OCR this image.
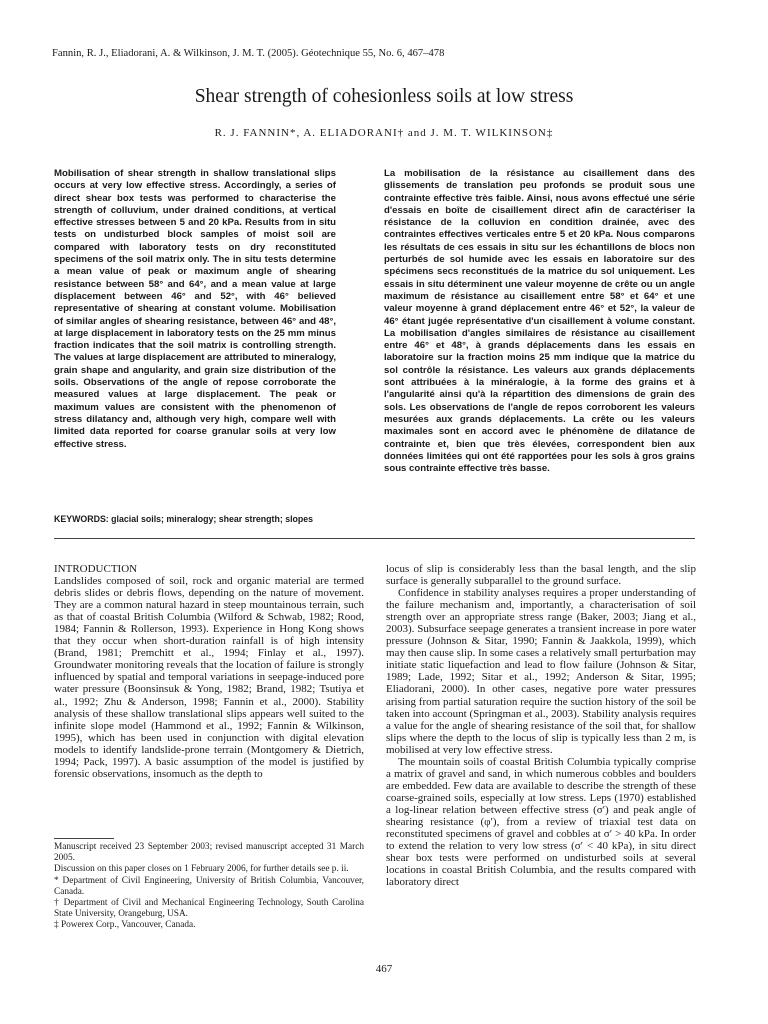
Fannin, R. J., Eliadorani, A. & Wilkinson, J. M. T. (2005). Géotechnique 55, No. 6, 467–478
Shear strength of cohesionless soils at low stress
R. J. FANNIN*, A. ELIADORANI† and J. M. T. WILKINSON‡
Mobilisation of shear strength in shallow translational slips occurs at very low effective stress. Accordingly, a series of direct shear box tests was performed to characterise the strength of colluvium, under drained conditions, at vertical effective stresses between 5 and 20 kPa. Results from in situ tests on undisturbed block samples of moist soil are compared with laboratory tests on dry reconstituted specimens of the soil matrix only. The in situ tests determine a mean value of peak or maximum angle of shearing resistance between 58° and 64°, and a mean value at large displacement between 46° and 52°, with 46° believed representative of shearing at constant volume. Mobilisation of similar angles of shearing resistance, between 46° and 48°, at large displacement in laboratory tests on the 25 mm minus fraction indicates that the soil matrix is controlling strength. The values at large displacement are attributed to mineralogy, grain shape and angularity, and grain size distribution of the soils. Observations of the angle of repose corroborate the measured values at large displacement. The peak or maximum values are consistent with the phenomenon of stress dilatancy and, although very high, compare well with limited data reported for coarse granular soils at very low effective stress.
La mobilisation de la résistance au cisaillement dans des glissements de translation peu profonds se produit sous une contrainte effective très faible. Ainsi, nous avons effectué une série d'essais en boîte de cisaillement direct afin de caractériser la résistance de la colluvion en condition drainée, avec des contraintes effectives verticales entre 5 et 20 kPa. Nous comparons les résultats de ces essais in situ sur les échantillons de blocs non perturbés de sol humide avec les essais en laboratoire sur des spécimens secs reconstitués de la matrice du sol uniquement. Les essais in situ déterminent une valeur moyenne de crête ou un angle maximum de résistance au cisaillement entre 58° et 64° et une valeur moyenne à grand déplacement entre 46° et 52°, la valeur de 46° étant jugée représentative d'un cisaillement à volume constant. La mobilisation d'angles similaires de résistance au cisaillement entre 46° et 48°, à grands déplacements dans les essais en laboratoire sur la fraction moins 25 mm indique que la matrice du sol contrôle la résistance. Les valeurs aux grands déplacements sont attribuées à la minéralogie, à la forme des grains et à l'angularité ainsi qu'à la répartition des dimensions de grain des sols. Les observations de l'angle de repos corroborent les valeurs mesurées aux grands déplacements. La crête ou les valeurs maximales sont en accord avec le phénomène de dilatance de contrainte et, bien que très élevées, correspondent bien aux données limitées qui ont été rapportées pour les sols à gros grains sous contrainte effective très basse.
KEYWORDS: glacial soils; mineralogy; shear strength; slopes
INTRODUCTION

Landslides composed of soil, rock and organic material are termed debris slides or debris flows, depending on the nature of movement. They are a common natural hazard in steep mountainous terrain, such as that of coastal British Columbia (Wilford & Schwab, 1982; Rood, 1984; Fannin & Rollerson, 1993). Experience in Hong Kong shows that they occur when short-duration rainfall is of high intensity (Brand, 1981; Premchitt et al., 1994; Finlay et al., 1997). Groundwater monitoring reveals that the location of failure is strongly influenced by spatial and temporal variations in seepage-induced pore water pressure (Boonsinsuk & Yong, 1982; Brand, 1982; Tsutiya et al., 1992; Zhu & Anderson, 1998; Fannin et al., 2000). Stability analysis of these shallow translational slips appears well suited to the infinite slope model (Hammond et al., 1992; Fannin & Wilkinson, 1995), which has been used in conjunction with digital elevation models to identify landslide-prone terrain (Montgomery & Dietrich, 1994; Pack, 1997). A basic assumption of the model is justified by forensic observations, insomuch as the depth to

Manuscript received 23 September 2003; revised manuscript accepted 31 March 2005.
Discussion on this paper closes on 1 February 2006, for further details see p. ii.
* Department of Civil Engineering, University of British Columbia, Vancouver, Canada.
† Department of Civil and Mechanical Engineering Technology, South Carolina State University, Orangeburg, USA.
‡ Powerex Corp., Vancouver, Canada.

locus of slip is considerably less than the basal length, and the slip surface is generally subparallel to the ground surface.

Confidence in stability analyses requires a proper understanding of the failure mechanism and, importantly, a characterisation of soil strength over an appropriate stress range (Baker, 2003; Jiang et al., 2003). Subsurface seepage generates a transient increase in pore water pressure (Johnson & Sitar, 1990; Fannin & Jaakkola, 1999), which may then cause slip. In some cases a relatively small perturbation may initiate static liquefaction and lead to flow failure (Johnson & Sitar, 1989; Lade, 1992; Sitar et al., 1992; Anderson & Sitar, 1995; Eliadorani, 2000). In other cases, negative pore water pressures arising from partial saturation require the suction history of the soil be taken into account (Springman et al., 2003). Stability analysis requires a value for the angle of shearing resistance of the soil that, for shallow slips where the depth to the locus of slip is typically less than 2 m, is mobilised at very low effective stress.

The mountain soils of coastal British Columbia typically comprise a matrix of gravel and sand, in which numerous cobbles and boulders are embedded. Few data are available to describe the strength of these coarse-grained soils, especially at low stress. Leps (1970) established a log-linear relation between effective stress (σ′) and peak angle of shearing resistance (φ′), from a review of triaxial test data on reconstituted specimens of gravel and cobbles at σ′ > 40 kPa. In order to extend the relation to very low stress (σ′ < 40 kPa), in situ direct shear box tests were performed on undisturbed soils at several locations in coastal British Columbia, and the results compared with laboratory direct

467
